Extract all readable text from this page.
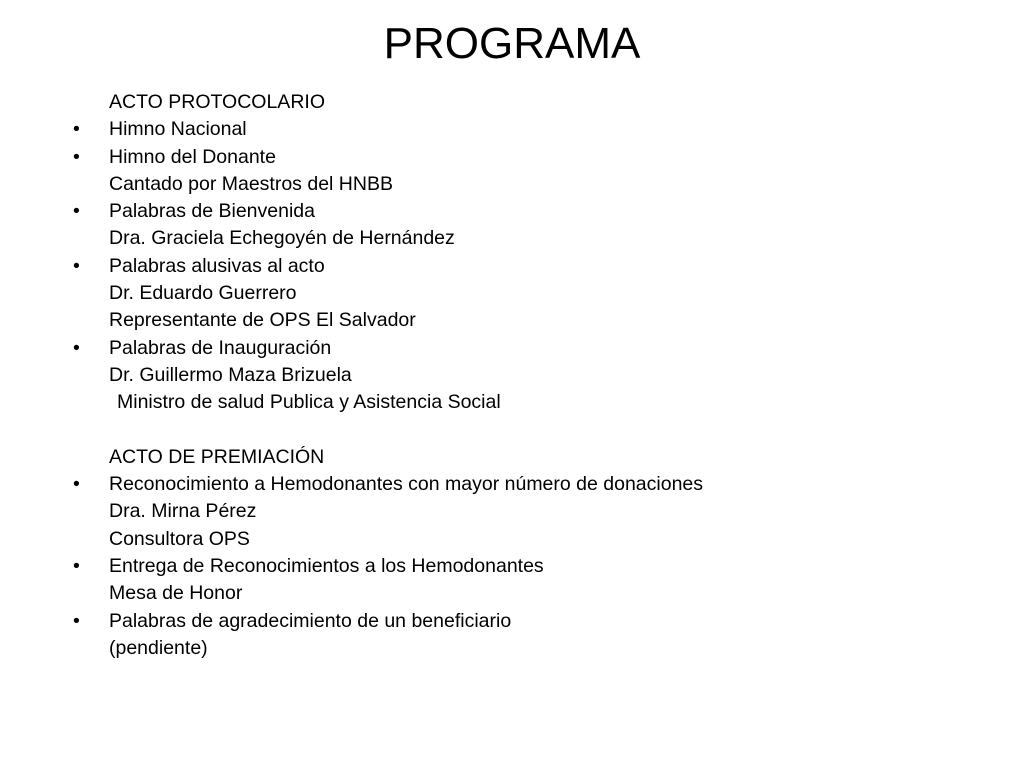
PROGRAMA
ACTO PROTOCOLARIO
• Himno Nacional
• Himno del Donante
Cantado por Maestros del HNBB
• Palabras de Bienvenida
Dra. Graciela Echegoyén de Hernández
• Palabras alusivas al acto
Dr. Eduardo Guerrero
Representante de OPS El Salvador
• Palabras de Inauguración
Dr. Guillermo Maza Brizuela
Ministro de salud Publica y Asistencia Social
ACTO DE PREMIACIÓN
• Reconocimiento a Hemodonantes con mayor número de donaciones
Dra. Mirna Pérez
Consultora OPS
• Entrega de Reconocimientos a los Hemodonantes
Mesa de Honor
• Palabras de agradecimiento de un beneficiario
(pendiente)
